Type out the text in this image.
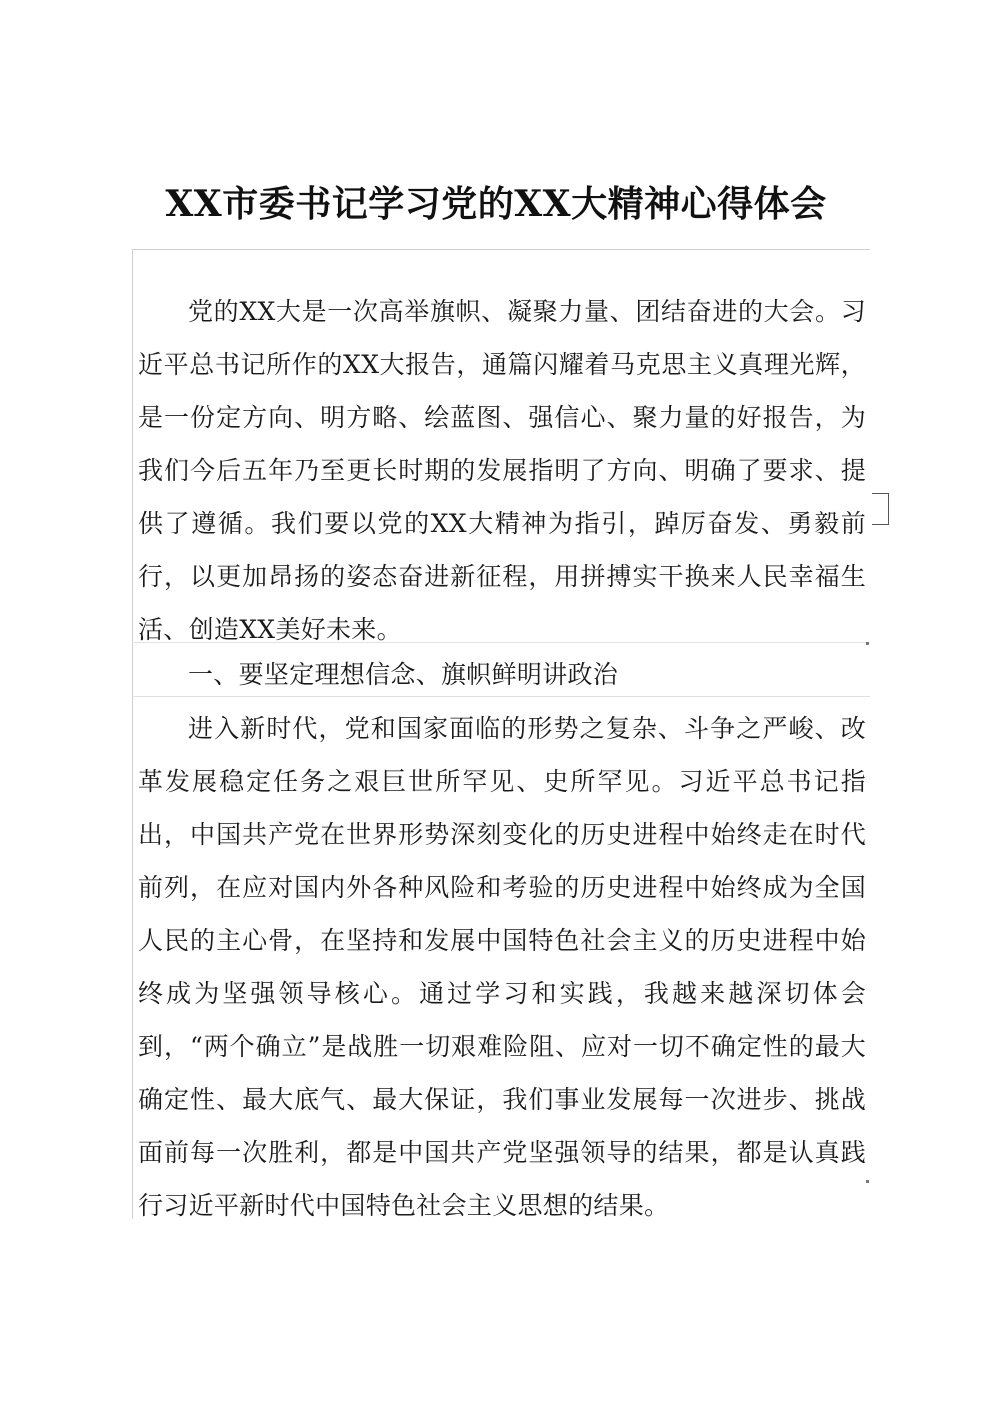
XX市委书记学习党的XX大精神心得体会

党的XX大是一次高举旗帜、凝聚力量、团结奋进的大会。习近平总书记所作的XX大报告，通篇闪耀着马克思主义真理光辉，是一份定方向、明方略、绘蓝图、强信心、聚力量的好报告，为我们今后五年乃至更长时期的发展指明了方向、明确了要求、提供了遵循。我们要以党的XX大精神为指引，踔厉奋发、勇毅前行，以更加昂扬的姿态奋进新征程，用拼搏实干换来人民幸福生活、创造XX美好未来。

一、要坚定理想信念、旗帜鲜明讲政治

进入新时代，党和国家面临的形势之复杂、斗争之严峻、改革发展稳定任务之艰巨世所罕见、史所罕见。习近平总书记指出，中国共产党在世界形势深刻变化的历史进程中始终走在时代前列，在应对国内外各种风险和考验的历史进程中始终成为全国人民的主心骨，在坚持和发展中国特色社会主义的历史进程中始终成为坚强领导核心。通过学习和实践，我越来越深切体会到，“两个确立”是战胜一切艰难险阻、应对一切不确定性的最大确定性、最大底气、最大保证，我们事业发展每一次进步、挑战面前每一次胜利，都是中国共产党坚强领导的结果，都是认真践行习近平新时代中国特色社会主义思想的结果。
